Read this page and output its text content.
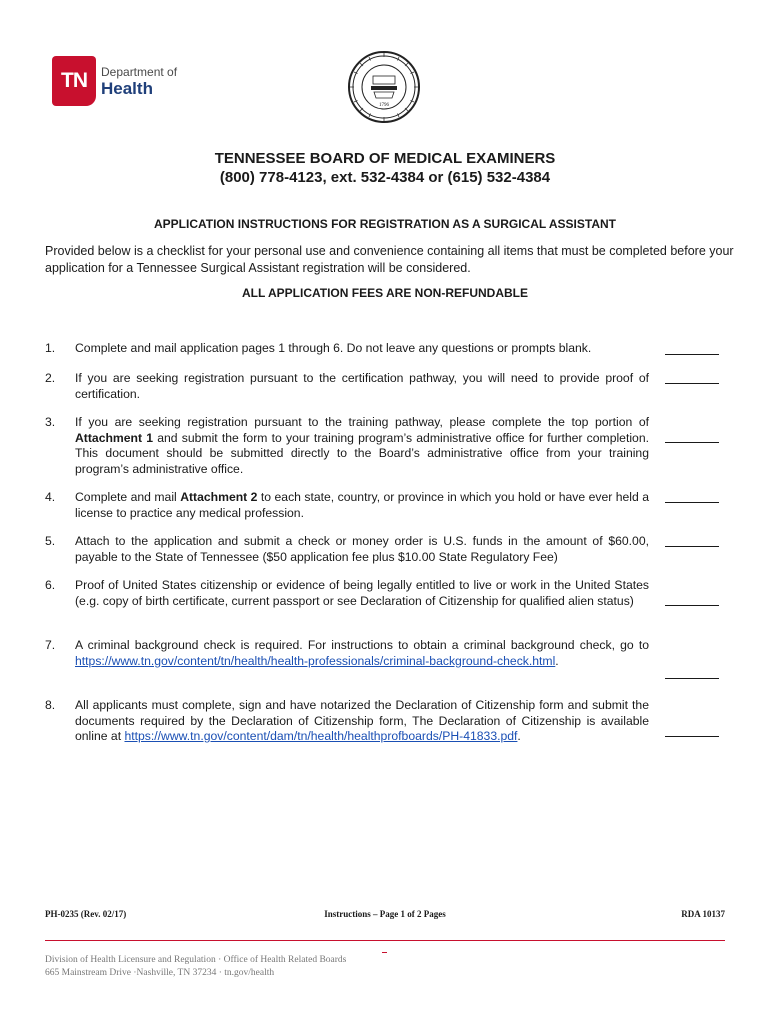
TN	Department of
Health
1796
TENNESSEE BOARD OF MEDICAL EXAMINERS
(800) 778-4123, ext. 532-4384 or (615) 532-4384
APPLICATION INSTRUCTIONS FOR REGISTRATION AS A SURGICAL ASSISTANT
Provided below is a checklist for your personal use and convenience containing all items that must be completed before your application for a Tennessee Surgical Assistant registration will be considered.
ALL APPLICATION FEES ARE NON-REFUNDABLE
1. Complete and mail application pages 1 through 6. Do not leave any questions or prompts blank.
2. If you are seeking registration pursuant to the certification pathway, you will need to provide proof of certification.
3. If you are seeking registration pursuant to the training pathway, please complete the top portion of Attachment 1 and submit the form to your training program’s administrative office for further completion. This document should be submitted directly to the Board’s administrative office from your training program’s administrative office.
4. Complete and mail Attachment 2 to each state, country, or province in which you hold or have ever held a license to practice any medical profession.
5. Attach to the application and submit a check or money order is U.S. funds in the amount of $60.00, payable to the State of Tennessee ($50 application fee plus $10.00 State Regulatory Fee)
6. Proof of United States citizenship or evidence of being legally entitled to live or work in the United States (e.g. copy of birth certificate, current passport or see Declaration of Citizenship for qualified alien status)
7. A criminal background check is required. For instructions to obtain a criminal background check, go to https://www.tn.gov/content/tn/health/health-professionals/criminal-background-check.html.
8. All applicants must complete, sign and have notarized the Declaration of Citizenship form and submit the documents required by the Declaration of Citizenship form, The Declaration of Citizenship is available online at https://www.tn.gov/content/dam/tn/health/healthprofboards/PH-41833.pdf.
PH-0235 (Rev. 02/17)	Instructions – Page 1 of 2 Pages	RDA 10137
Division of Health Licensure and Regulation · Office of Health Related Boards
665 Mainstream Drive ·Nashville, TN 37234 · tn.gov/health
